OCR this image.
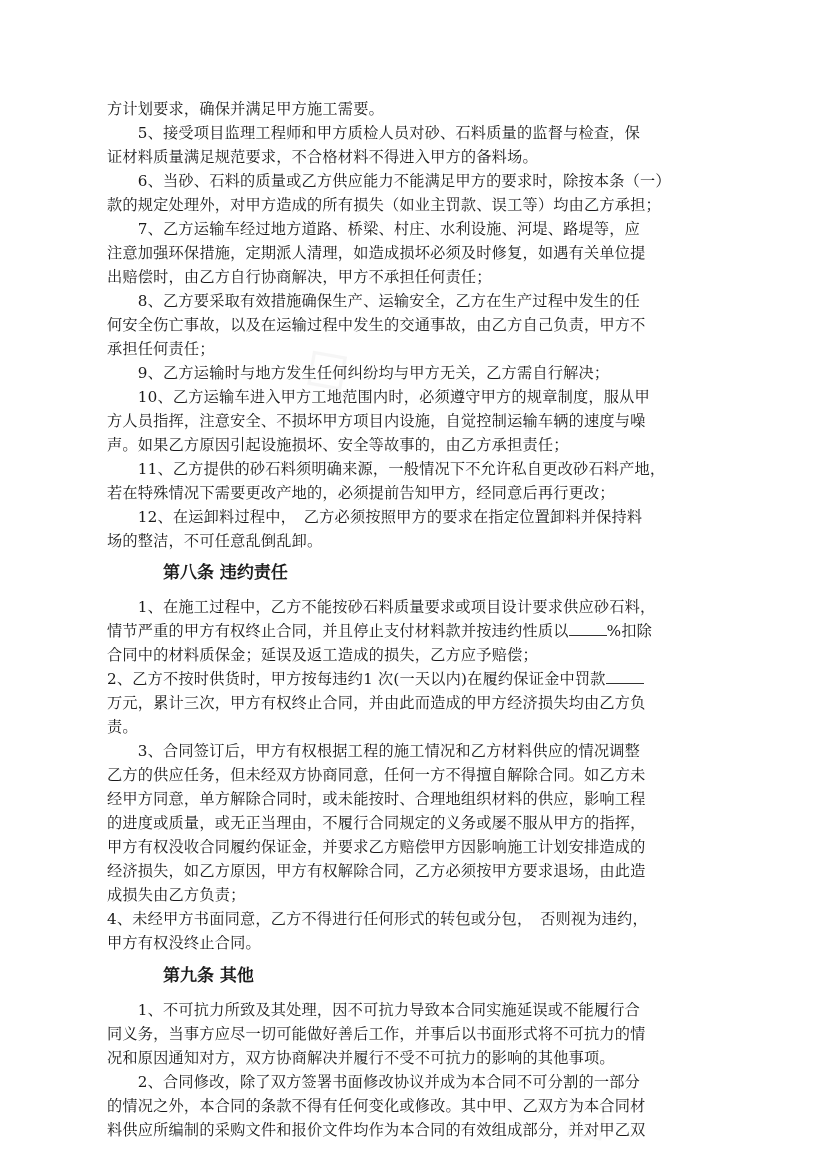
方计划要求，确保并满足甲方施工需要。
　　5、接受项目监理工程师和甲方质检人员对砂、石料质量的监督与检查，保
证材料质量满足规范要求，不合格材料不得进入甲方的备料场。
　　6、当砂、石料的质量或乙方供应能力不能满足甲方的要求时，除按本条（一）
款的规定处理外，对甲方造成的所有损失（如业主罚款、误工等）均由乙方承担；
　　7、乙方运输车经过地方道路、桥梁、村庄、水利设施、河堤、路堤等，应
注意加强环保措施，定期派人清理，如造成损坏必须及时修复，如遇有关单位提
出赔偿时，由乙方自行协商解决，甲方不承担任何责任；
　　8、乙方要采取有效措施确保生产、运输安全，乙方在生产过程中发生的任
何安全伤亡事故，以及在运输过程中发生的交通事故，由乙方自己负责，甲方不
承担任何责任；
　　9、乙方运输时与地方发生任何纠纷均与甲方无关，乙方需自行解决；
　　10、乙方运输车进入甲方工地范围内时，必须遵守甲方的规章制度，服从甲
方人员指挥，注意安全、不损坏甲方项目内设施，自觉控制运输车辆的速度与噪
声。如果乙方原因引起设施损坏、安全等故事的，由乙方承担责任；
　　11、乙方提供的砂石料须明确来源，一般情况下不允许私自更改砂石料产地，
若在特殊情况下需要更改产地的，必须提前告知甲方，经同意后再行更改；
　　12、在运卸料过程中，　乙方必须按照甲方的要求在指定位置卸料并保持料
场的整洁，不可任意乱倒乱卸。
第八条 违约责任
　　1、在施工过程中，乙方不能按砂石料质量要求或项目设计要求供应砂石料，
情节严重的甲方有权终止合同，并且停止支付材料款并按违约性质以	%扣除
合同中的材料质保金；延误及返工造成的损失，乙方应予赔偿；
2、乙方不按时供货时，甲方按每违约1 次(一天以内)在履约保证金中罚款
万元，累计三次，甲方有权终止合同，并由此而造成的甲方经济损失均由乙方负
责。
　　3、合同签订后，甲方有权根据工程的施工情况和乙方材料供应的情况调整
乙方的供应任务，但未经双方协商同意，任何一方不得擅自解除合同。如乙方未
经甲方同意，单方解除合同时，或未能按时、合理地组织材料的供应，影响工程
的进度或质量，或无正当理由，不履行合同规定的义务或屡不服从甲方的指挥，
甲方有权没收合同履约保证金，并要求乙方赔偿甲方因影响施工计划安排造成的
经济损失，如乙方原因，甲方有权解除合同，乙方必须按甲方要求退场，由此造
成损失由乙方负责；
4、未经甲方书面同意，乙方不得进行任何形式的转包或分包，　否则视为违约，
甲方有权没终止合同。
第九条 其他
　　1、不可抗力所致及其处理，因不可抗力导致本合同实施延误或不能履行合
同义务，当事方应尽一切可能做好善后工作，并事后以书面形式将不可抗力的情
况和原因通知对方，双方协商解决并履行不受不可抗力的影响的其他事项。
　　2、合同修改，除了双方签署书面修改协议并成为本合同不可分割的一部分
的情况之外，本合同的条款不得有任何变化或修改。其中甲、乙双方为本合同材
料供应所编制的采购文件和报价文件均作为本合同的有效组成部分，并对甲乙双
